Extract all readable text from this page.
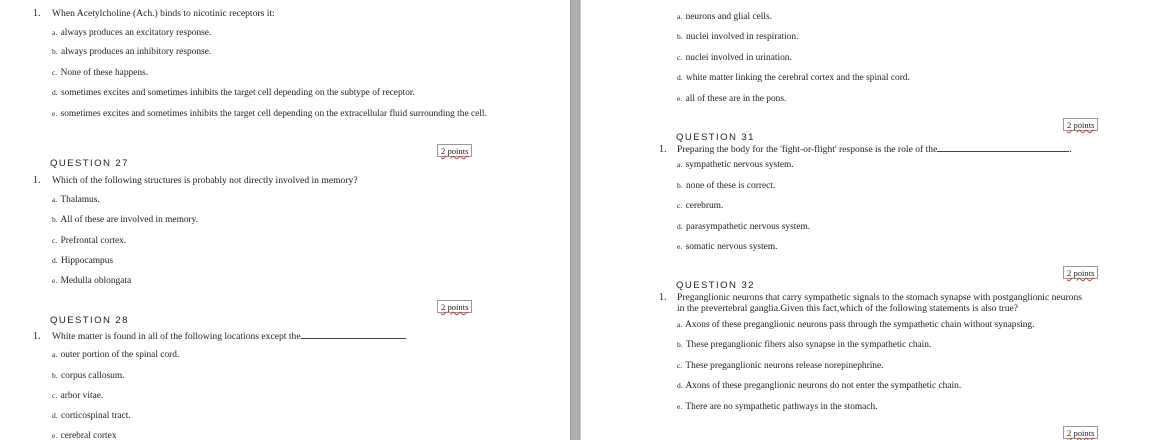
1. When Acetylcholine (Ach.) binds to nicotinic receptors it:
a. always produces an excitatory response.
b. always produces an inhibitory response.
c. None of these happens.
d. sometimes excites and sometimes inhibits the target cell depending on the subtype of receptor.
e. sometimes excites and sometimes inhibits the target cell depending on the extracellular fluid surrounding the cell.
2 points
QUESTION 27
1. Which of the following structures is probably not directly involved in memory?
a. Thalamus.
b. All of these are involved in memory.
c. Prefrontal cortex.
d. Hippocampus
e. Medulla oblongata
2 points
QUESTION 28
1. White matter is found in all of the following locations except the	.
a. outer portion of the spinal cord.
b. corpus callosum.
c. arbor vitae.
d. corticospinal tract.
e. cerebral cortex
a. neurons and glial cells.
b. nuclei involved in respiration.
c. nuclei involved in urination.
d. white matter linking the cerebral cortex and the spinal cord.
e. all of these are in the pons.
2 points
QUESTION 31
1. Preparing the body for the 'fight-or-flight' response is the role of the	.
a. sympathetic nervous system.
b. none of these is correct.
c. cerebrum.
d. parasympathetic nervous system.
e. somatic nervous system.
2 points
QUESTION 32
1. Preganglionic neurons that carry sympathetic signals to the stomach synapse with postganglionic neurons
in the prevertebral ganglia.Given this fact,which of the following statements is also true?
a. Axons of these preganglionic neurons pass through the sympathetic chain without synapsing.
b. These preganglionic fibers also synapse in the sympathetic chain.
c. These preganglionic neurons release norepinephrine.
d. Axons of these preganglionic neurons do not enter the sympathetic chain.
e. There are no sympathetic pathways in the stomach.
2 points
